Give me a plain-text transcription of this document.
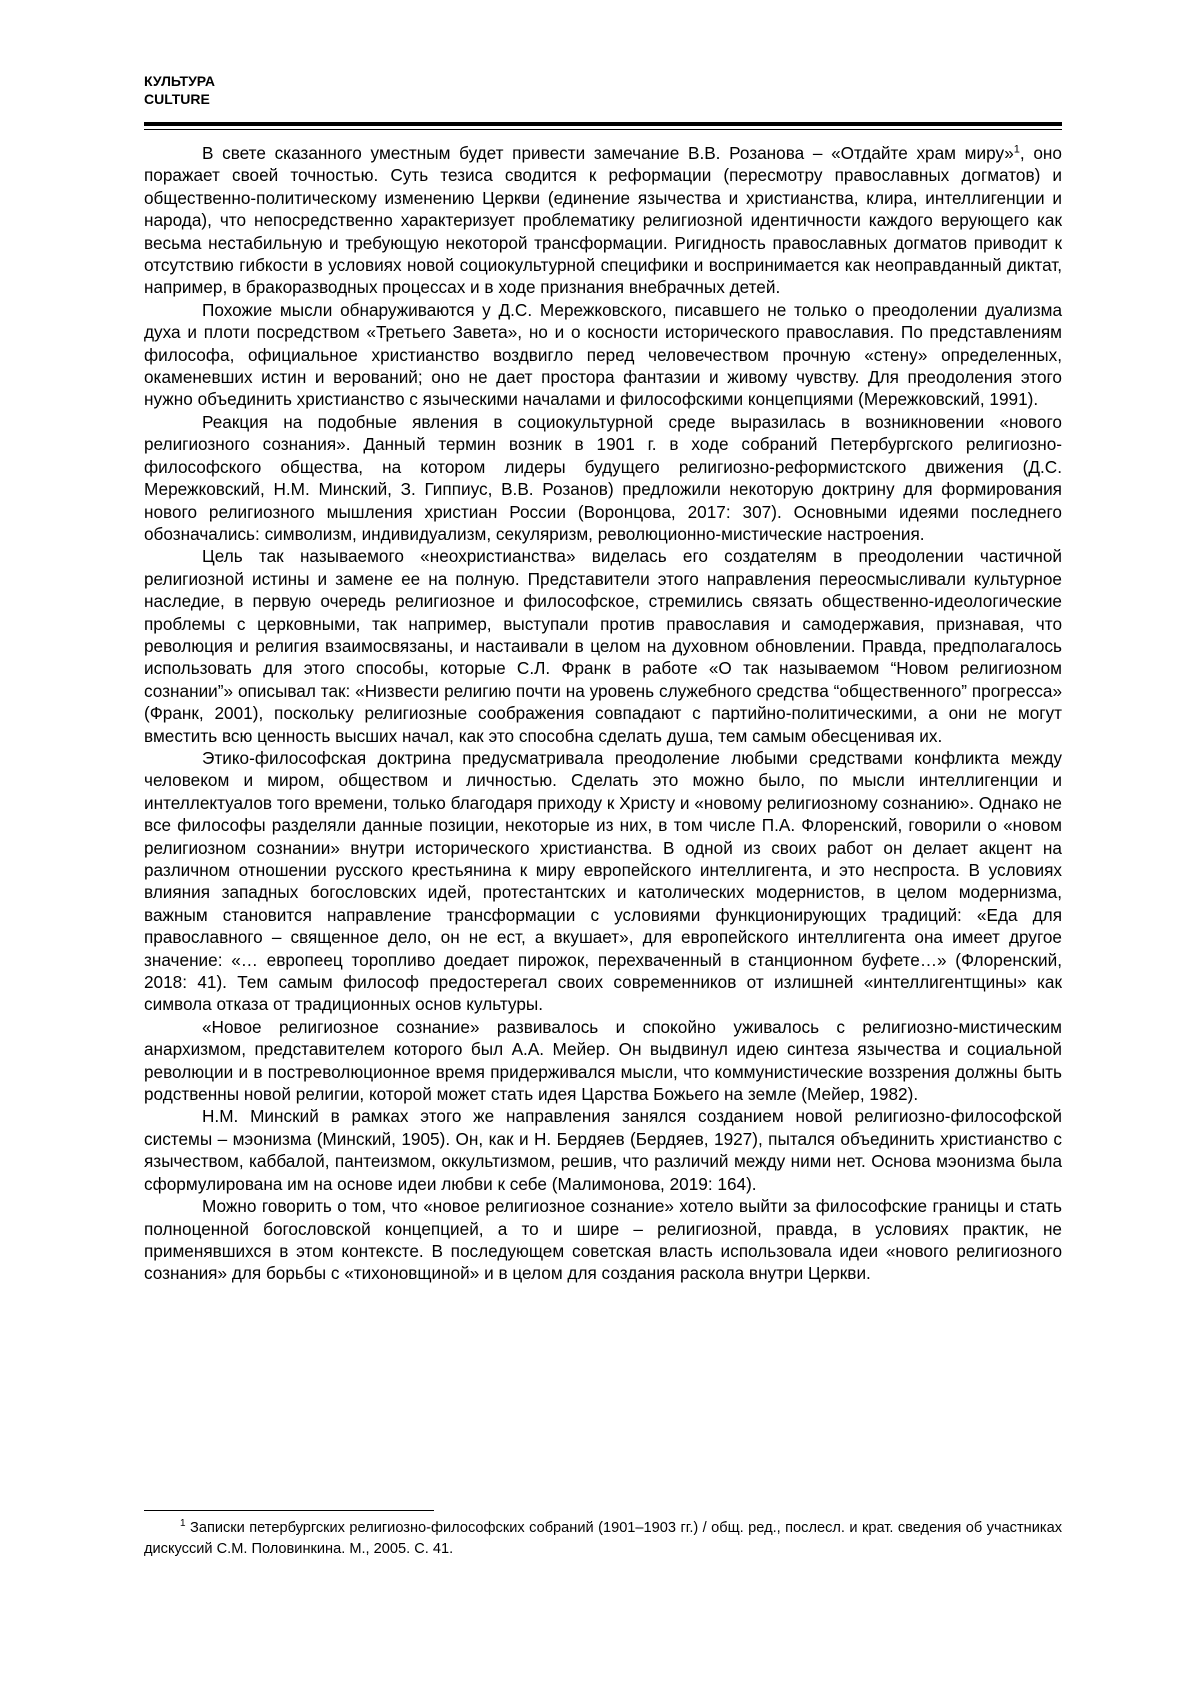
КУЛЬТУРА
CULTURE

В свете сказанного уместным будет привести замечание В.В. Розанова – «Отдайте храм миру»$^1$, оно поражает своей точностью. Суть тезиса сводится к реформации (пересмотру православных догматов) и общественно-политическому изменению Церкви (единение язычества и христианства, клира, интеллигенции и народа), что непосредственно характеризует проблематику религиозной идентичности каждого верующего как весьма нестабильную и требующую некоторой трансформации. Ригидность православных догматов приводит к отсутствию гибкости в условиях новой социокультурной специфики и воспринимается как неоправданный диктат, например, в бракоразводных процессах и в ходе признания внебрачных детей.

Похожие мысли обнаруживаются у Д.С. Мережковского, писавшего не только о преодолении дуализма духа и плоти посредством «Третьего Завета», но и о косности исторического православия. По представлениям философа, официальное христианство воздвигло перед человечеством прочную «стену» определенных, окаменевших истин и верований; оно не дает простора фантазии и живому чувству. Для преодоления этого нужно объединить христианство с языческими началами и философскими концепциями (Мережковский, 1991).

Реакция на подобные явления в социокультурной среде выразилась в возникновении «нового религиозного сознания». Данный термин возник в 1901 г. в ходе собраний Петербургского религиозно-философского общества, на котором лидеры будущего религиозно-реформистского движения (Д.С. Мережковский, Н.М. Минский, З. Гиппиус, В.В. Розанов) предложили некоторую доктрину для формирования нового религиозного мышления христиан России (Воронцова, 2017: 307). Основными идеями последнего обозначались: символизм, индивидуализм, секуляризм, революционно-мистические настроения.

Цель так называемого «неохристианства» виделась его создателям в преодолении частичной религиозной истины и замене ее на полную. Представители этого направления переосмысливали культурное наследие, в первую очередь религиозное и философское, стремились связать общественно-идеологические проблемы с церковными, так например, выступали против православия и самодержавия, признавая, что революция и религия взаимосвязаны, и настаивали в целом на духовном обновлении. Правда, предполагалось использовать для этого способы, которые С.Л. Франк в работе «О так называемом “Новом религиозном сознании”» описывал так: «Низвести религию почти на уровень служебного средства “общественного” прогресса» (Франк, 2001), поскольку религиозные соображения совпадают с партийно-политическими, а они не могут вместить всю ценность высших начал, как это способна сделать душа, тем самым обесценивая их.

Этико-философская доктрина предусматривала преодоление любыми средствами конфликта между человеком и миром, обществом и личностью. Сделать это можно было, по мысли интеллигенции и интеллектуалов того времени, только благодаря приходу к Христу и «новому религиозному сознанию». Однако не все философы разделяли данные позиции, некоторые из них, в том числе П.А. Флоренский, говорили о «новом религиозном сознании» внутри исторического христианства. В одной из своих работ он делает акцент на различном отношении русского крестьянина к миру европейского интеллигента, и это неспроста. В условиях влияния западных богословских идей, протестантских и католических модернистов, в целом модернизма, важным становится направление трансформации с условиями функционирующих традиций: «Еда для православного – священное дело, он не ест, а вкушает», для европейского интеллигента она имеет другое значение: «… европеец торопливо доедает пирожок, перехваченный в станционном буфете…» (Флоренский, 2018: 41). Тем самым философ предостерегал своих современников от излишней «интеллигентщины» как символа отказа от традиционных основ культуры.

«Новое религиозное сознание» развивалось и спокойно уживалось с религиозно-мистическим анархизмом, представителем которого был А.А. Мейер. Он выдвинул идею синтеза язычества и социальной революции и в постреволюционное время придерживался мысли, что коммунистические воззрения должны быть родственны новой религии, которой может стать идея Царства Божьего на земле (Мейер, 1982).

Н.М. Минский в рамках этого же направления занялся созданием новой религиозно-философской системы – мэонизма (Минский, 1905). Он, как и Н. Бердяев (Бердяев, 1927), пытался объединить христианство с язычеством, каббалой, пантеизмом, оккультизмом, решив, что различий между ними нет. Основа мэонизма была сформулирована им на основе идеи любви к себе (Малимонова, 2019: 164).

Можно говорить о том, что «новое религиозное сознание» хотело выйти за философские границы и стать полноценной богословской концепцией, а то и шире – религиозной, правда, в условиях практик, не применявшихся в этом контексте. В последующем советская власть использовала идеи «нового религиозного сознания» для борьбы с «тихоновщиной» и в целом для создания раскола внутри Церкви.

$^1$ Записки петербургских религиозно-философских собраний (1901–1903 гг.) / общ. ред., послесл. и крат. сведения об участниках дискуссий С.М. Половинкина. М., 2005. С. 41.
